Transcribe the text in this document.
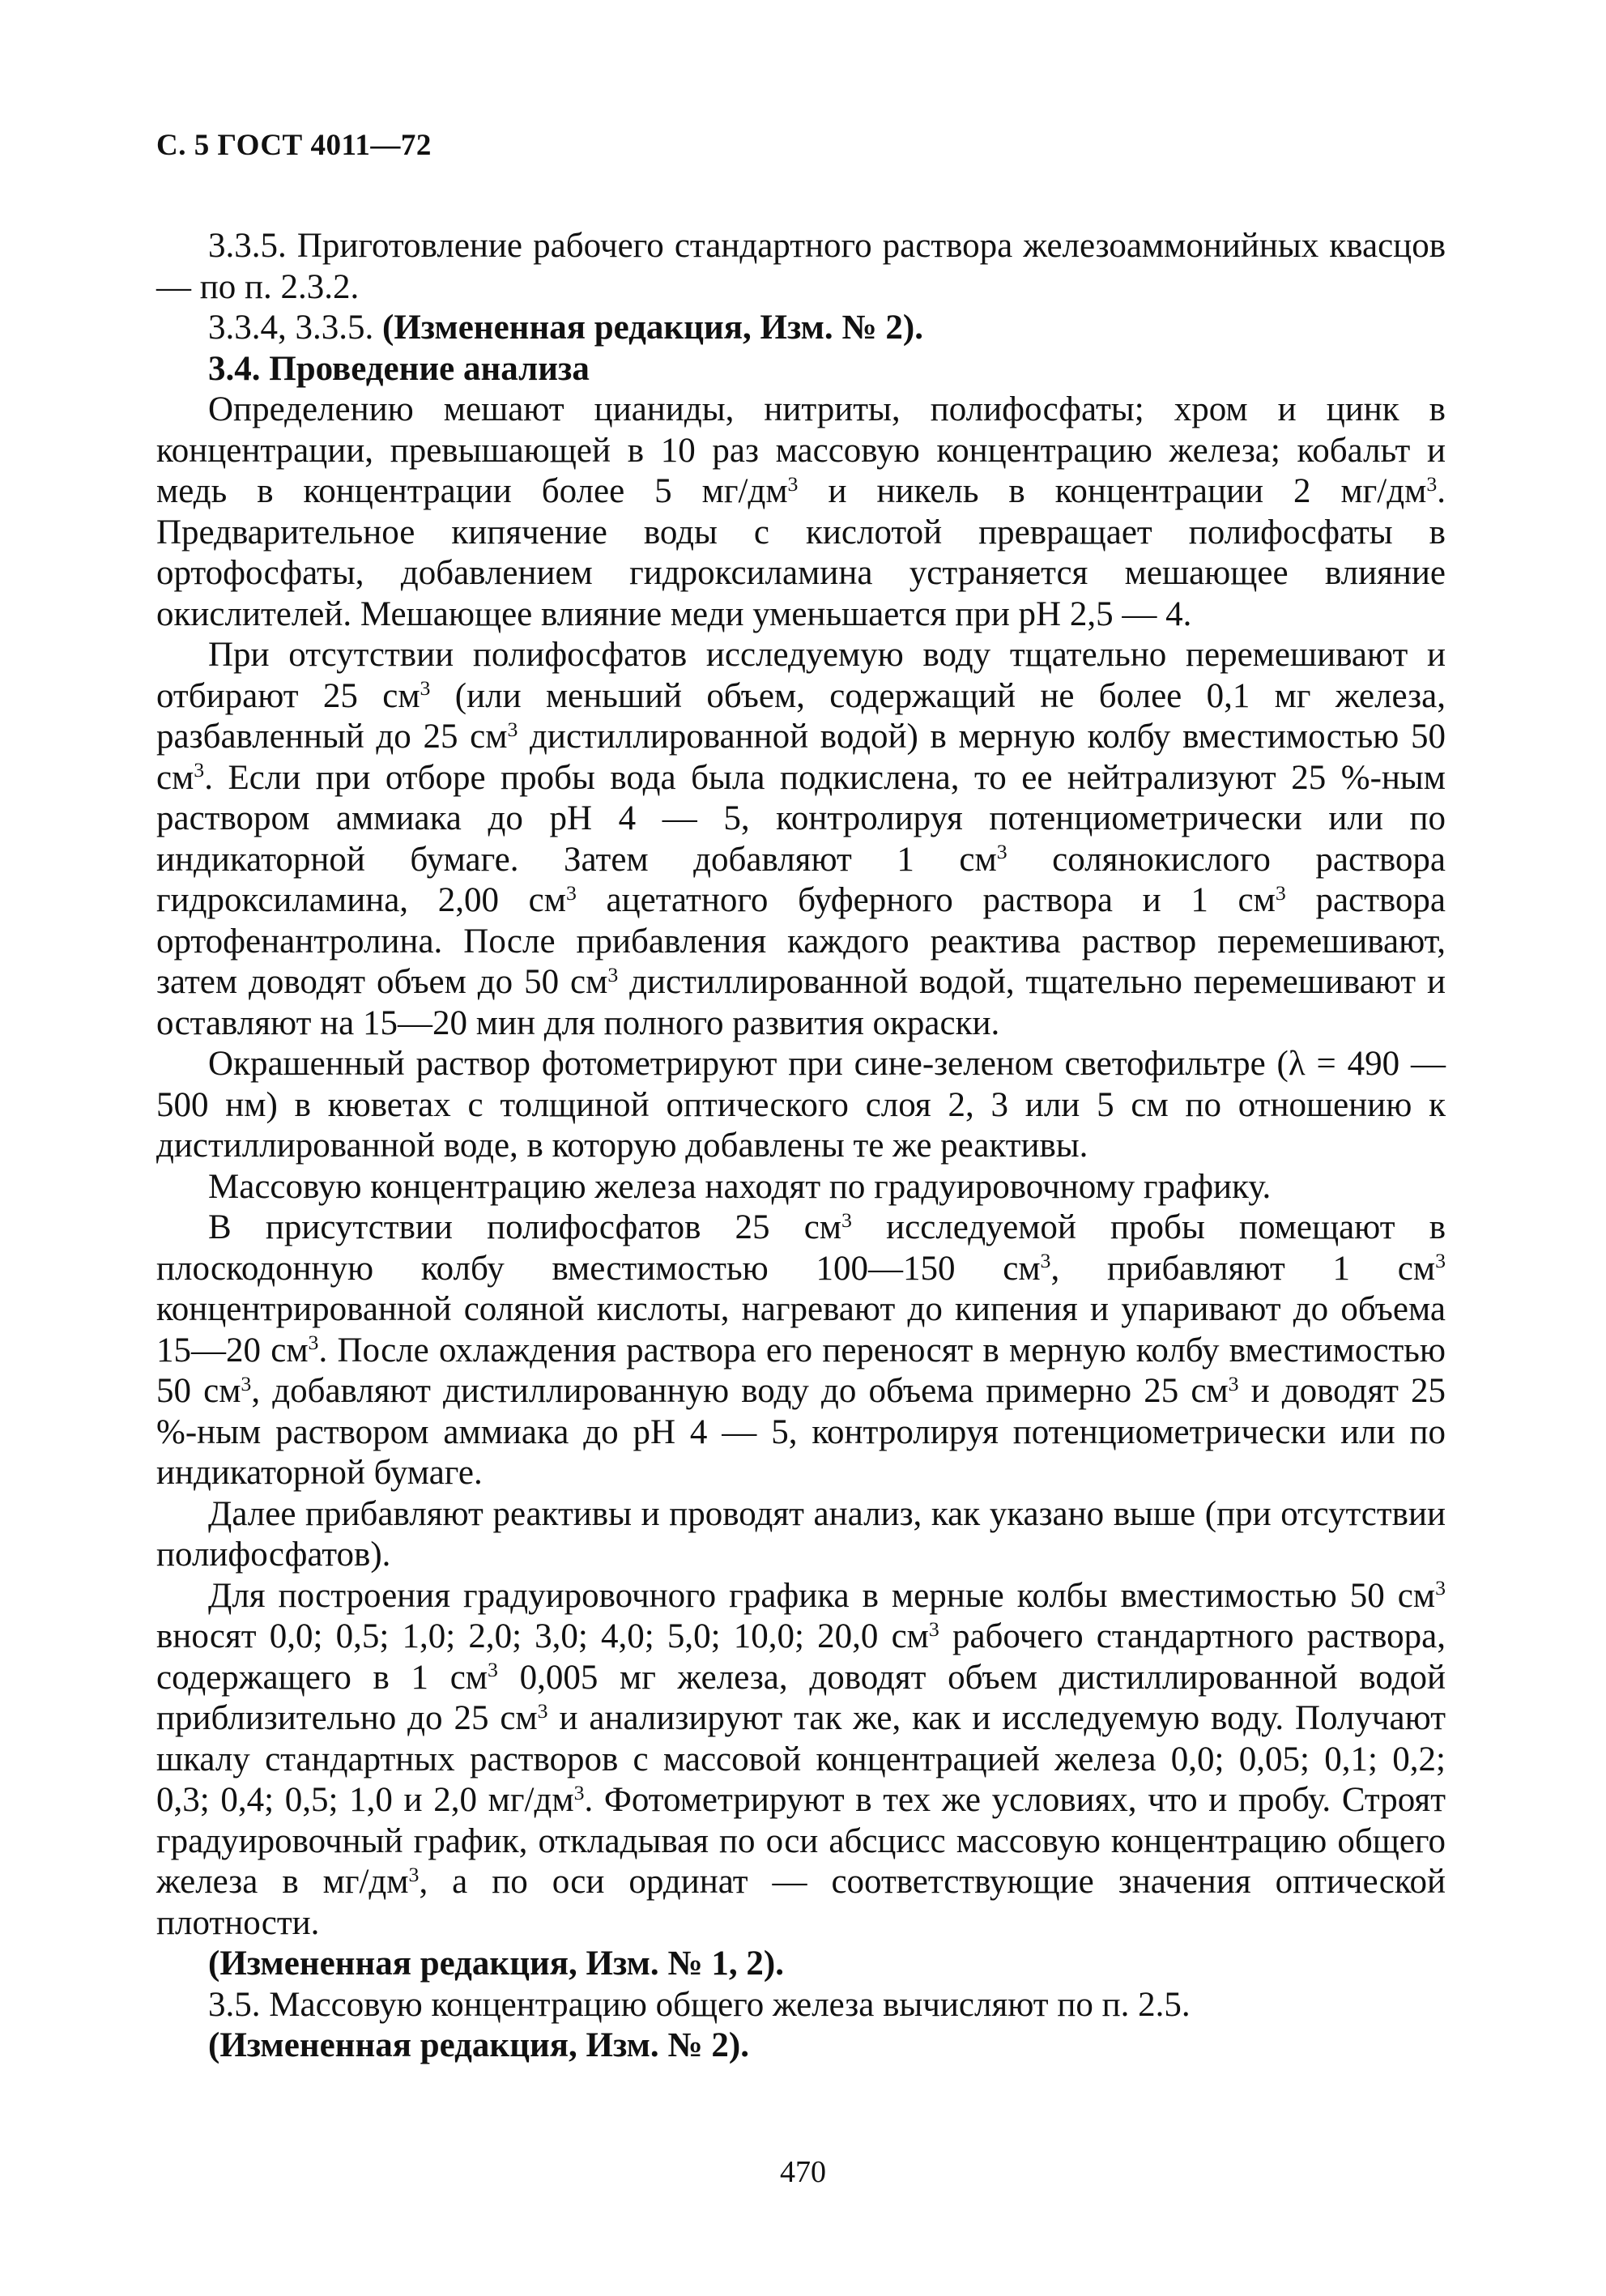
С. 5 ГОСТ 4011—72

3.3.5. Приготовление рабочего стандартного раствора железоаммонийных квасцов — по п. 2.3.2.

3.3.4, 3.3.5. (Измененная редакция, Изм. № 2).

3.4. Проведение анализа

Определению мешают цианиды, нитриты, полифосфаты; хром и цинк в концентрации, превышающей в 10 раз массовую концентрацию железа; кобальт и медь в концентрации более 5 $мг/дм^3$ и никель в концентрации 2 $мг/дм^3$. Предварительное кипячение воды с кислотой превращает полифосфаты в ортофосфаты, добавлением гидроксиламина устраняется мешающее влияние окислителей. Мешающее влияние меди уменьшается при рН 2,5 — 4.

При отсутствии полифосфатов исследуемую воду тщательно перемешивают и отбирают 25 $см^3$ (или меньший объем, содержащий не более 0,1 мг железа, разбавленный до 25 $см^3$ дистиллированной водой) в мерную колбу вместимостью 50 $см^3$. Если при отборе пробы вода была подкислена, то ее нейтрализуют 25 %-ным раствором аммиака до рН 4 — 5, контролируя потенциометрически или по индикаторной бумаге. Затем добавляют 1 $см^3$ солянокислого раствора гидроксиламина, 2,00 $см^3$ ацетатного буферного раствора и 1 $см^3$ раствора ортофенантролина. После прибавления каждого реактива раствор перемешивают, затем доводят объем до 50 $см^3$ дистиллированной водой, тщательно перемешивают и оставляют на 15—20 мин для полного развития окраски.

Окрашенный раствор фотометрируют при сине-зеленом светофильтре (λ = 490 — 500 нм) в кюветах с толщиной оптического слоя 2, 3 или 5 см по отношению к дистиллированной воде, в которую добавлены те же реактивы.

Массовую концентрацию железа находят по градуировочному графику.

В присутствии полифосфатов 25 $см^3$ исследуемой пробы помещают в плоскодонную колбу вместимостью 100—150 $см^3$, прибавляют 1 $см^3$ концентрированной соляной кислоты, нагревают до кипения и упаривают до объема 15—20 $см^3$. После охлаждения раствора его переносят в мерную колбу вместимостью 50 $см^3$, добавляют дистиллированную воду до объема примерно 25 $см^3$ и доводят 25 %-ным раствором аммиака до рН 4 — 5, контролируя потенциометрически или по индикаторной бумаге.

Далее прибавляют реактивы и проводят анализ, как указано выше (при отсутствии полифосфатов).

Для построения градуировочного графика в мерные колбы вместимостью 50 $см^3$ вносят 0,0; 0,5; 1,0; 2,0; 3,0; 4,0; 5,0; 10,0; 20,0 $см^3$ рабочего стандартного раствора, содержащего в 1 $см^3$ 0,005 мг железа, доводят объем дистиллированной водой приблизительно до 25 $см^3$ и анализируют так же, как и исследуемую воду. Получают шкалу стандартных растворов с массовой концентрацией железа 0,0; 0,05; 0,1; 0,2; 0,3; 0,4; 0,5; 1,0 и 2,0 $мг/дм^3$. Фотометрируют в тех же условиях, что и пробу. Строят градуировочный график, откладывая по оси абсцисс массовую концентрацию общего железа в $мг/дм^3$, а по оси ординат — соответствующие значения оптической плотности.

(Измененная редакция, Изм. № 1, 2).

3.5. Массовую концентрацию общего железа вычисляют по п. 2.5.

(Измененная редакция, Изм. № 2).

470
